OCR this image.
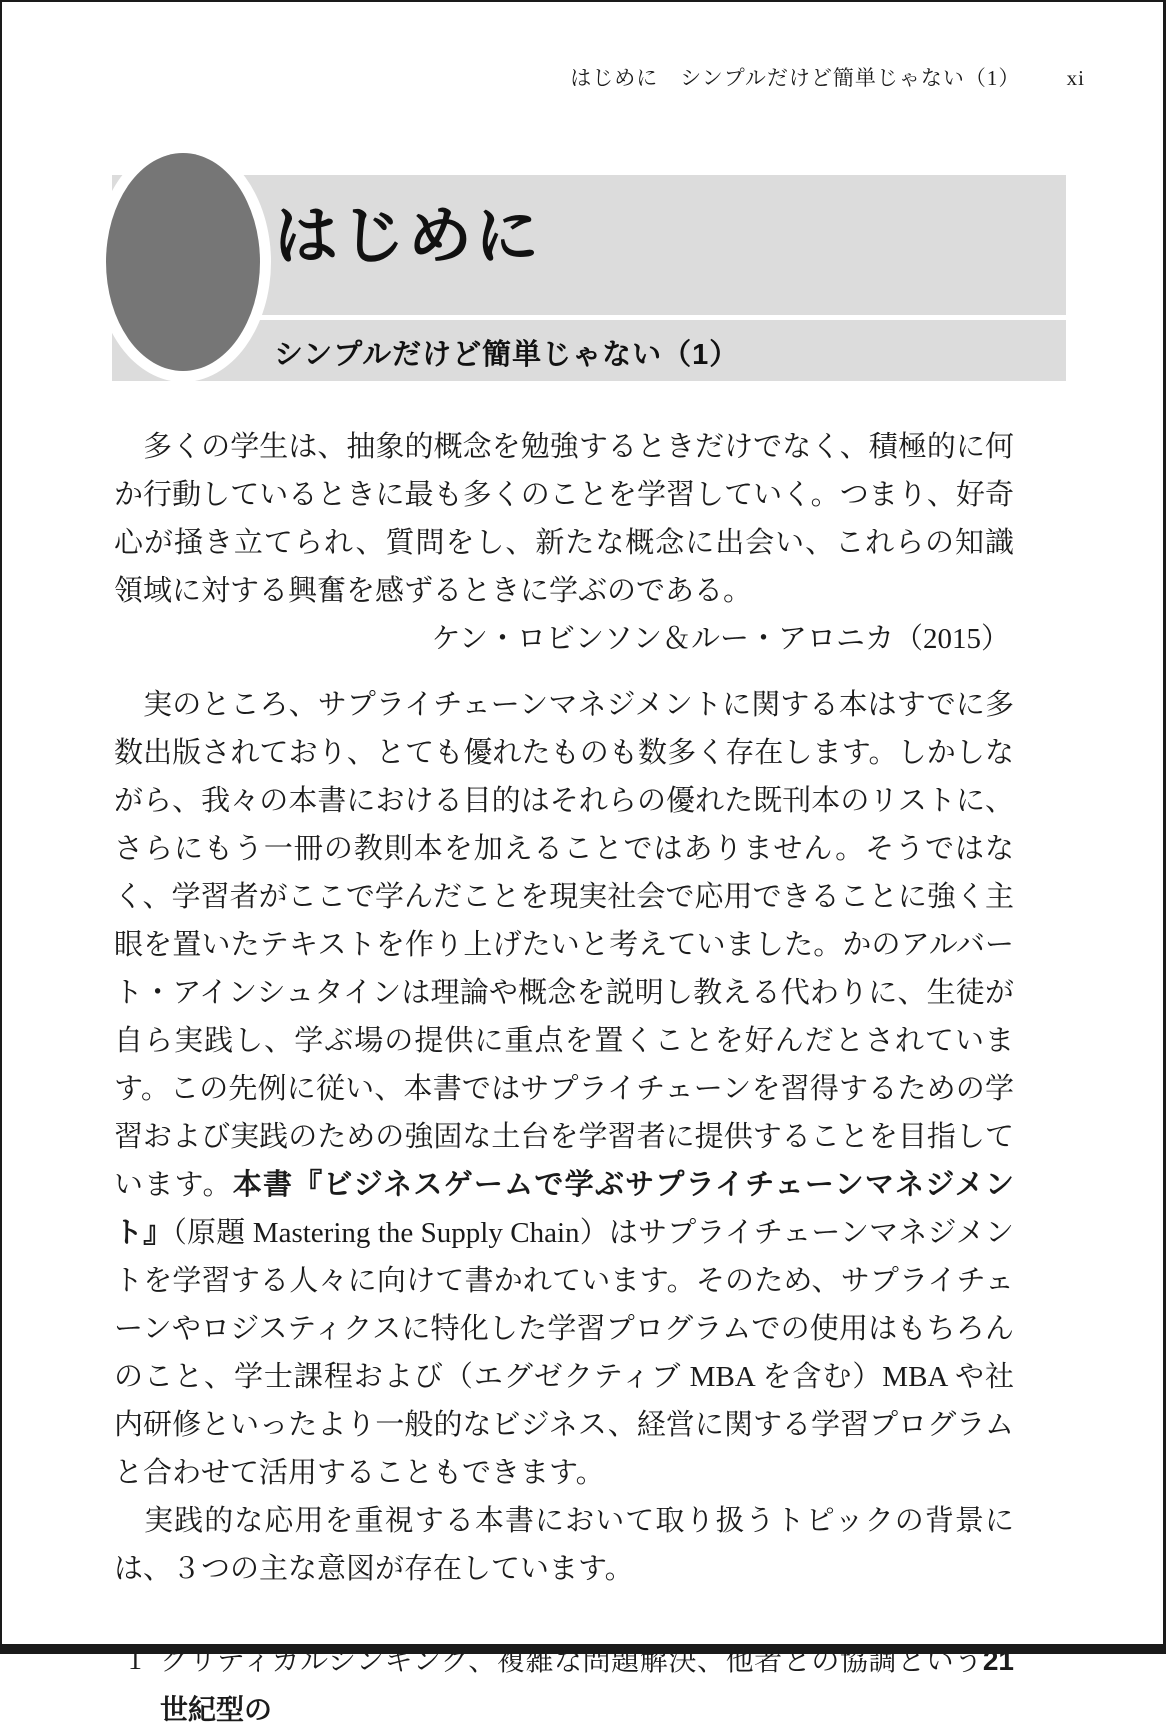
はじめに　シンプルだけど簡単じゃない（1） xi
はじめに
シンプルだけど簡単じゃない（1）

　多くの学生は、抽象的概念を勉強するときだけでなく、積極的に何か行動しているときに最も多くのことを学習していく。つまり、好奇心が掻き立てられ、質問をし、新たな概念に出会い、これらの知識領域に対する興奮を感ずるときに学ぶのである。

ケン・ロビンソン＆ルー・アロニカ（2015）

　実のところ、サプライチェーンマネジメントに関する本はすでに多数出版されており、とても優れたものも数多く存在します。しかしながら、我々の本書における目的はそれらの優れた既刊本のリストに、さらにもう一冊の教則本を加えることではありません。そうではなく、学習者がここで学んだことを現実社会で応用できることに強く主眼を置いたテキストを作り上げたいと考えていました。かのアルバート・アインシュタインは理論や概念を説明し教える代わりに、生徒が自ら実践し、学ぶ場の提供に重点を置くことを好んだとされています。この先例に従い、本書ではサプライチェーンを習得するための学習および実践のための強固な土台を学習者に提供することを目指しています。本書『ビジネスゲームで学ぶサプライチェーンマネジメント』（原題 Mastering the Supply Chain）はサプライチェーンマネジメントを学習する人々に向けて書かれています。そのため、サプライチェーンやロジスティクスに特化した学習プログラムでの使用はもちろんのこと、学士課程および（エグゼクティブ MBA を含む）MBA や社内研修といったより一般的なビジネス、経営に関する学習プログラムと合わせて活用することもできます。

　実践的な応用を重視する本書において取り扱うトピックの背景には、３つの主な意図が存在しています。

1 クリティカルシンキング、複雑な問題解決、他者との協調という21世紀型の
